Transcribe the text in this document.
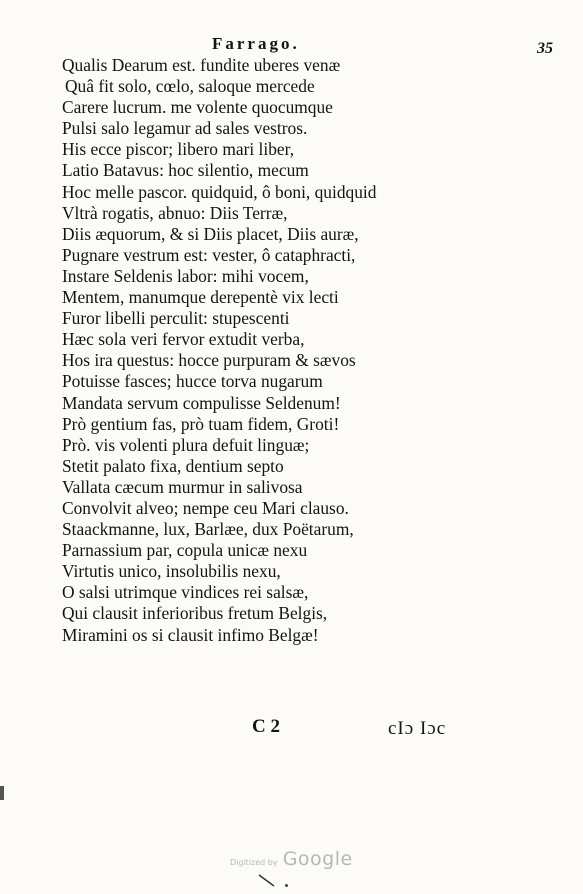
Farrago.	35
Qualis Dearum est. fundite uberes venæ
Quâ fit solo, cœlo, saloque mercede
Carere lucrum. me volente quocumque
Pulsi salo legamur ad sales vestros.
His ecce piscor; libero mari liber,
Latio Batavus: hoc silentio, mecum
Hoc melle pascor. quidquid, ô boni, quidquid
Vltrà rogatis, abnuo: Diis Terræ,
Diis æquorum, & si Diis placet, Diis auræ,
Pugnare vestrum est: vester, ô cataphracti,
Instare Seldenis labor: mihi vocem,
Mentem, manumque derepentè vix lecti
Furor libelli perculit: stupescenti
Hæc sola veri fervor extudit verba,
Hos ira questus: hocce purpuram & sævos
Potuisse fasces; hucce torva nugarum
Mandata servum compulisse Seldenum!
Prò gentium fas, prò tuam fidem, Groti!
Prò. vis volenti plura defuit linguæ;
Stetit palato fixa, dentium septo
Vallata cæcum murmur in salivosa
Convolvit alveo; nempe ceu Mari clauso.
Staackmanne, lux, Barlæe, dux Poëtarum,
Parnassium par, copula unicæ nexu
Virtutis unico, insolubilis nexu,
O salsi utrimque vindices rei salsæ,
Qui clausit inferioribus fretum Belgis,
Miramini os si clausit infimo Belgæ!
C 2	cIɔ Iɔc
Digitized by Google
